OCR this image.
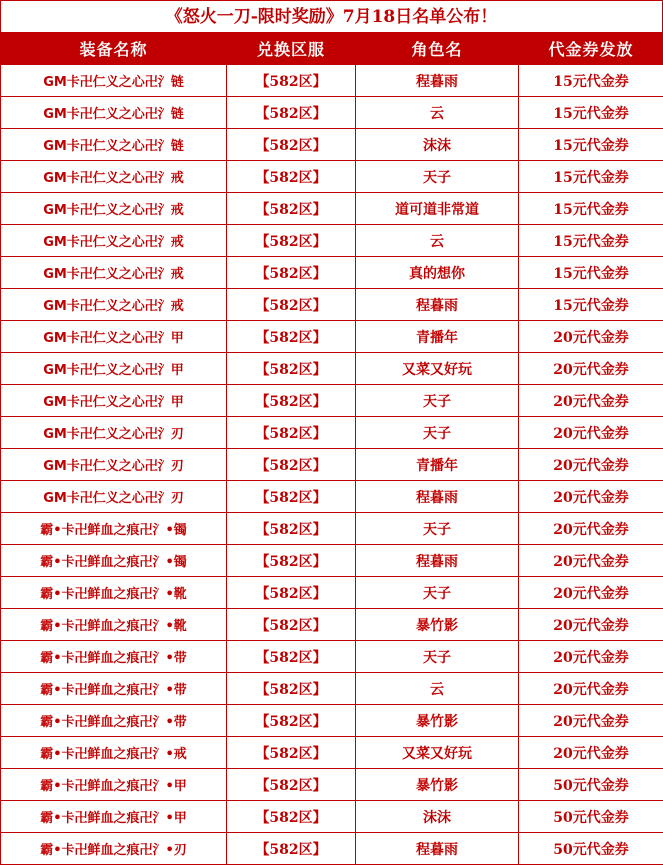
《怒火一刀-限时奖励》7月18日名单公布！
装备名称	兑换区服	角色名	代金券发放
GM卡卍仁义之心卍氵链	【582区】	程暮雨	15元代金券
GM卡卍仁义之心卍氵链	【582区】	云	15元代金券
GM卡卍仁义之心卍氵链	【582区】	沫沫	15元代金券
GM卡卍仁义之心卍氵戒	【582区】	天子	15元代金券
GM卡卍仁义之心卍氵戒	【582区】	道可道非常道	15元代金券
GM卡卍仁义之心卍氵戒	【582区】	云	15元代金券
GM卡卍仁义之心卍氵戒	【582区】	真的想你	15元代金券
GM卡卍仁义之心卍氵戒	【582区】	程暮雨	15元代金券
GM卡卍仁义之心卍氵甲	【582区】	青播年	20元代金券
GM卡卍仁义之心卍氵甲	【582区】	又菜又好玩	20元代金券
GM卡卍仁义之心卍氵甲	【582区】	天子	20元代金券
GM卡卍仁义之心卍氵刃	【582区】	天子	20元代金券
GM卡卍仁义之心卍氵刃	【582区】	青播年	20元代金券
GM卡卍仁义之心卍氵刃	【582区】	程暮雨	20元代金券
霸•卡卍鲜血之痕卍氵•镯	【582区】	天子	20元代金券
霸•卡卍鲜血之痕卍氵•镯	【582区】	程暮雨	20元代金券
霸•卡卍鲜血之痕卍氵•靴	【582区】	天子	20元代金券
霸•卡卍鲜血之痕卍氵•靴	【582区】	暴竹影	20元代金券
霸•卡卍鲜血之痕卍氵•带	【582区】	天子	20元代金券
霸•卡卍鲜血之痕卍氵•带	【582区】	云	20元代金券
霸•卡卍鲜血之痕卍氵•带	【582区】	暴竹影	20元代金券
霸•卡卍鲜血之痕卍氵•戒	【582区】	又菜又好玩	20元代金券
霸•卡卍鲜血之痕卍氵•甲	【582区】	暴竹影	50元代金券
霸•卡卍鲜血之痕卍氵•甲	【582区】	沫沫	50元代金券
霸•卡卍鲜血之痕卍氵•刃	【582区】	程暮雨	50元代金券
